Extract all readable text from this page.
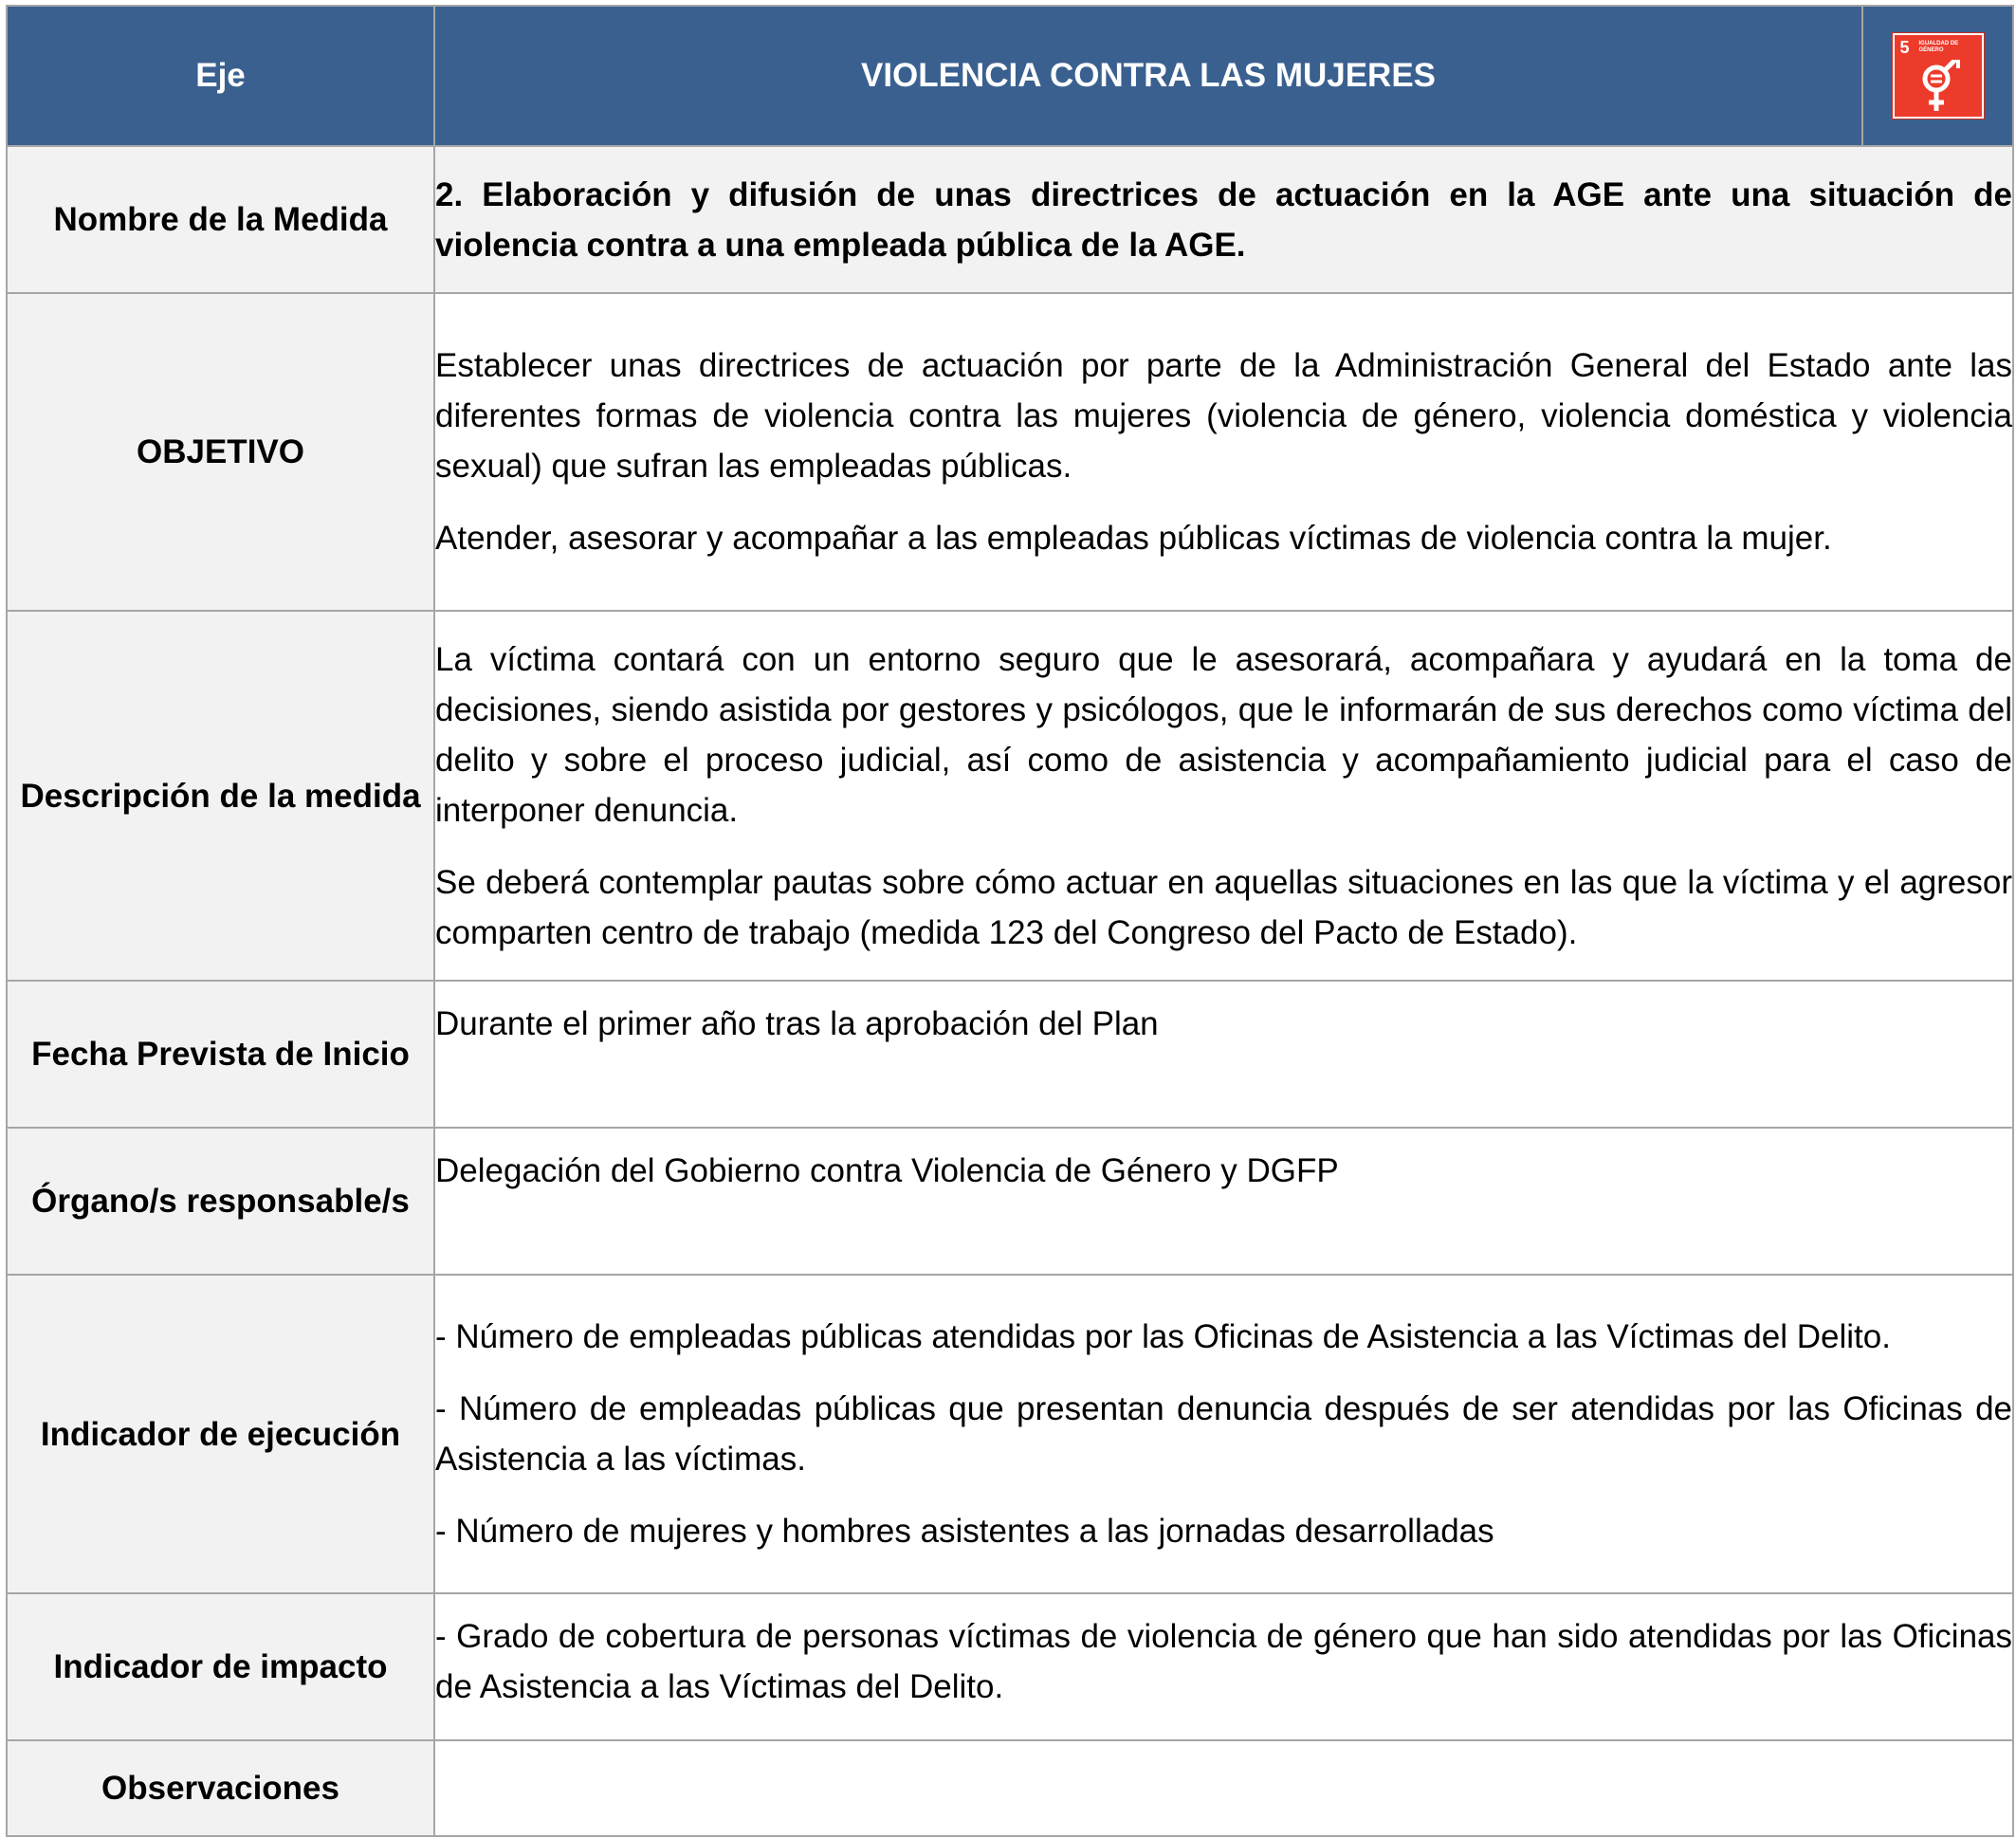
Eje	VIOLENCIA CONTRA LAS MUJERES	5 IGUALDAD DE GÉNERO

Nombre de la Medida	2. Elaboración y difusión de unas directrices de actuación en la AGE ante una situación de violencia contra a una empleada pública de la AGE.	
OBJETIVO	Establecer unas directrices de actuación por parte de la Administración General del Estado ante las diferentes formas de violencia contra las mujeres (violencia de género, violencia doméstica y violencia sexual) que sufran las empleadas públicas.

Atender, asesorar y acompañar a las empleadas públicas víctimas de violencia contra la mujer.	

Descripción de la medida	La víctima contará con un entorno seguro que le asesorará, acompañara y ayudará en la toma de decisiones, siendo asistida por gestores y psicólogos, que le informarán de sus derechos como víctima del delito y sobre el proceso judicial, así como de asistencia y acompañamiento judicial para el caso de interponer denuncia.

Se deberá contemplar pautas sobre cómo actuar en aquellas situaciones en las que la víctima y el agresor comparten centro de trabajo (medida 123 del Congreso del Pacto de Estado).	

Fecha Prevista de Inicio	Durante el primer año tras la aprobación del Plan	
Órgano/s responsable/s	Delegación del Gobierno contra Violencia de Género y DGFP	
Indicador de ejecución	- Número de empleadas públicas atendidas por las Oficinas de Asistencia a las Víctimas del Delito.

- Número de empleadas públicas que presentan denuncia después de ser atendidas por las Oficinas de Asistencia a las víctimas.

- Número de mujeres y hombres asistentes a las jornadas desarrolladas	

Indicador de impacto	- Grado de cobertura de personas víctimas de violencia de género que han sido atendidas por las Oficinas de Asistencia a las Víctimas del Delito.	
Observaciones		
